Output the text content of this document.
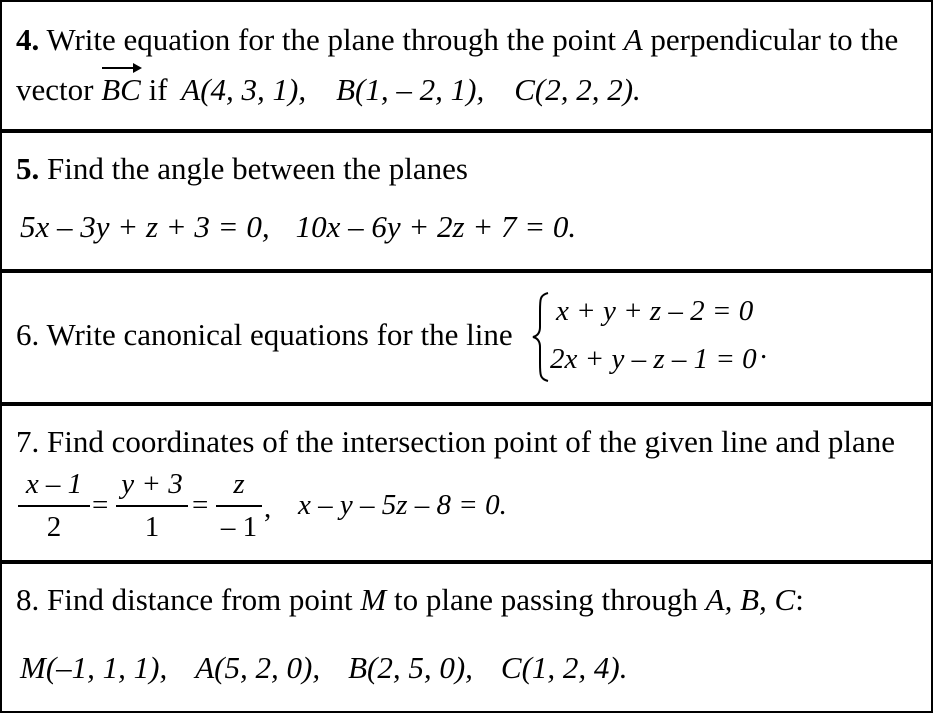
4. Write equation for the plane through the point A perpendicular to the
vector
BC if A(4, 3, 1), B(1, – 2, 1), C(2, 2, 2).
5. Find the angle between the planes
5x – 3y + z + 3 = 0, 10x – 6y + 2z + 7 = 0.
6. Write canonical equations for the line
x + y + z – 2 = 0
2x + y – z – 1 = 0 .
7. Find coordinates of the intersection point of the given line and plane
x – 1
2
=
y + 3
1
=
z
– 1
, x – y – 5z – 8 = 0.
8. Find distance from point M to plane passing through A, B, C:
M(–1, 1, 1), A(5, 2, 0), B(2, 5, 0), C(1, 2, 4).
